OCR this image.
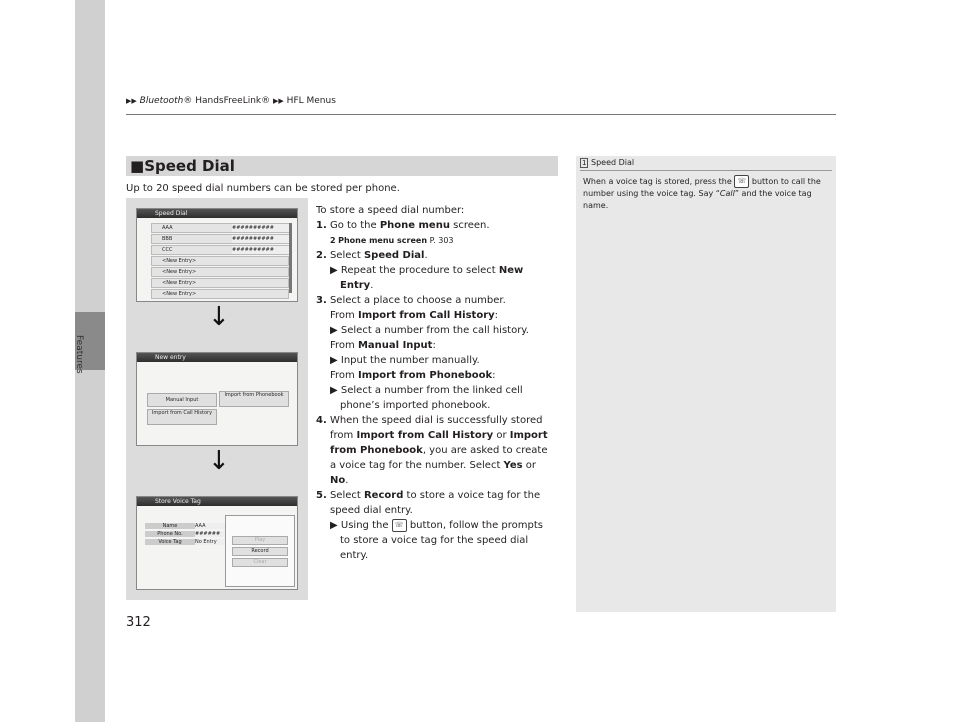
Features
▶▶ Bluetooth® HandsFreeLink® ▶▶ HFL Menus
■Speed Dial	1 Speed Dial
When a voice tag is stored, press the ☏ button to call the number using the voice tag. Say “Call” and the voice tag name.
Up to 20 speed dial numbers can be stored per phone.
Speed Dial
AAA	##########
BBB	##########
CCC	##########
<New Entry>
<New Entry>
<New Entry>
<New Entry>
↓
New entry
Manual Input
Import from Phonebook
Import from Call History
↓
Store Voice Tag
Name	AAA
Phone No.	######
Voice Tag	No Entry	Play
Record
Clear
To store a speed dial number:
1. Go to the Phone menu screen.
2 Phone menu screen P. 303
2. Select Speed Dial.
▶ Repeat the procedure to select New
Entry.
3. Select a place to choose a number.
From Import from Call History:
▶ Select a number from the call history.
From Manual Input:
▶ Input the number manually.
From Import from Phonebook:
▶ Select a number from the linked cell
phone’s imported phonebook.
4. When the speed dial is successfully stored
from Import from Call History or Import
from Phonebook, you are asked to create
a voice tag for the number. Select Yes or
No.
5. Select Record to store a voice tag for the
speed dial entry.
▶ Using the ☏ button, follow the prompts
to store a voice tag for the speed dial
entry.
312
